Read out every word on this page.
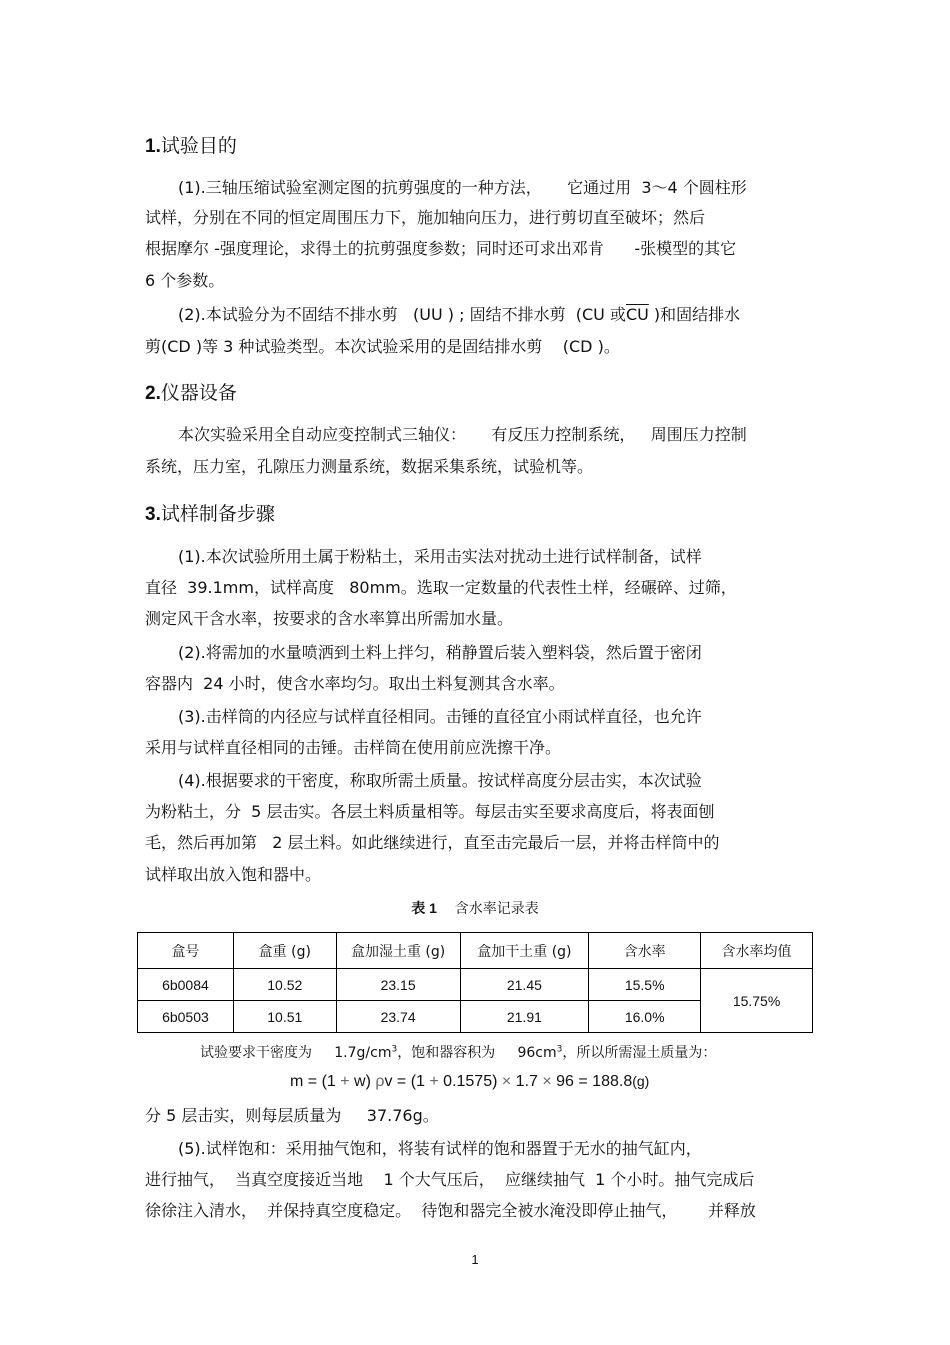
1.试验目的
(1).三轴压缩试验室测定图的抗剪强度的一种方法，     它通过用  3～4 个圆柱形
试样，分别在不同的恒定周围压力下，施加轴向压力，进行剪切直至破坏；然后
根据摩尔 -强度理论，求得土的抗剪强度参数；同时还可求出邓肯      -张模型的其它
6 个参数。
(2).本试验分为不固结不排水剪   (UU ) ; 固结不排水剪  (CU 或$\overline{CU}$ )和固结排水
剪(CD )等 3 种试验类型。本次试验采用的是固结排水剪    (CD )。
2.仪器设备
本次实验采用全自动应变控制式三轴仪：     有反压力控制系统，   周围压力控制
系统，压力室，孔隙压力测量系统，数据采集系统，试验机等。
3.试样制备步骤
(1).本次试验所用土属于粉粘土，采用击实法对扰动土进行试样制备，试样
直径  39.1mm，试样高度   80mm。选取一定数量的代表性土样，经碾碎、过筛，
测定风干含水率，按要求的含水率算出所需加水量。
(2).将需加的水量喷洒到土料上拌匀，稍静置后装入塑料袋，然后置于密闭
容器内  24 小时，使含水率均匀。取出土料复测其含水率。
(3).击样筒的内径应与试样直径相同。击锤的直径宜小雨试样直径，也允许
采用与试样直径相同的击锤。击样筒在使用前应洗擦干净。
(4).根据要求的干密度，称取所需土质量。按试样高度分层击实，本次试验
为粉粘土，分  5 层击实。各层土料质量相等。每层击实至要求高度后，将表面刨
毛，然后再加第   2 层土料。如此继续进行，直至击完最后一层，并将击样筒中的
试样取出放入饱和器中。
表 1 含水率记录表
盒号	盒重 (g)	盒加湿土重 (g)	盒加干土重 (g)	含水率	含水率均值
6b0084	10.52	23.15	21.45	15.5%	15.75%
6b0503	10.51	23.74	21.91	16.0%	
试验要求干密度为     $1.7g/cm^3$，饱和器容积为     $96cm^3$，所以所需湿土质量为：
m = (1 + w) ρv = (1 + 0.1575) × 1.7 × 96 = 188.8(g)
分 5 层击实，则每层质量为     37.76g。
(5).试样饱和：采用抽气饱和，将装有试样的饱和器置于无水的抽气缸内，
进行抽气，  当真空度接近当地    1 个大气压后，  应继续抽气  1 个小时。抽气完成后
徐徐注入清水，  并保持真空度稳定。  待饱和器完全被水淹没即停止抽气，      并释放
1
